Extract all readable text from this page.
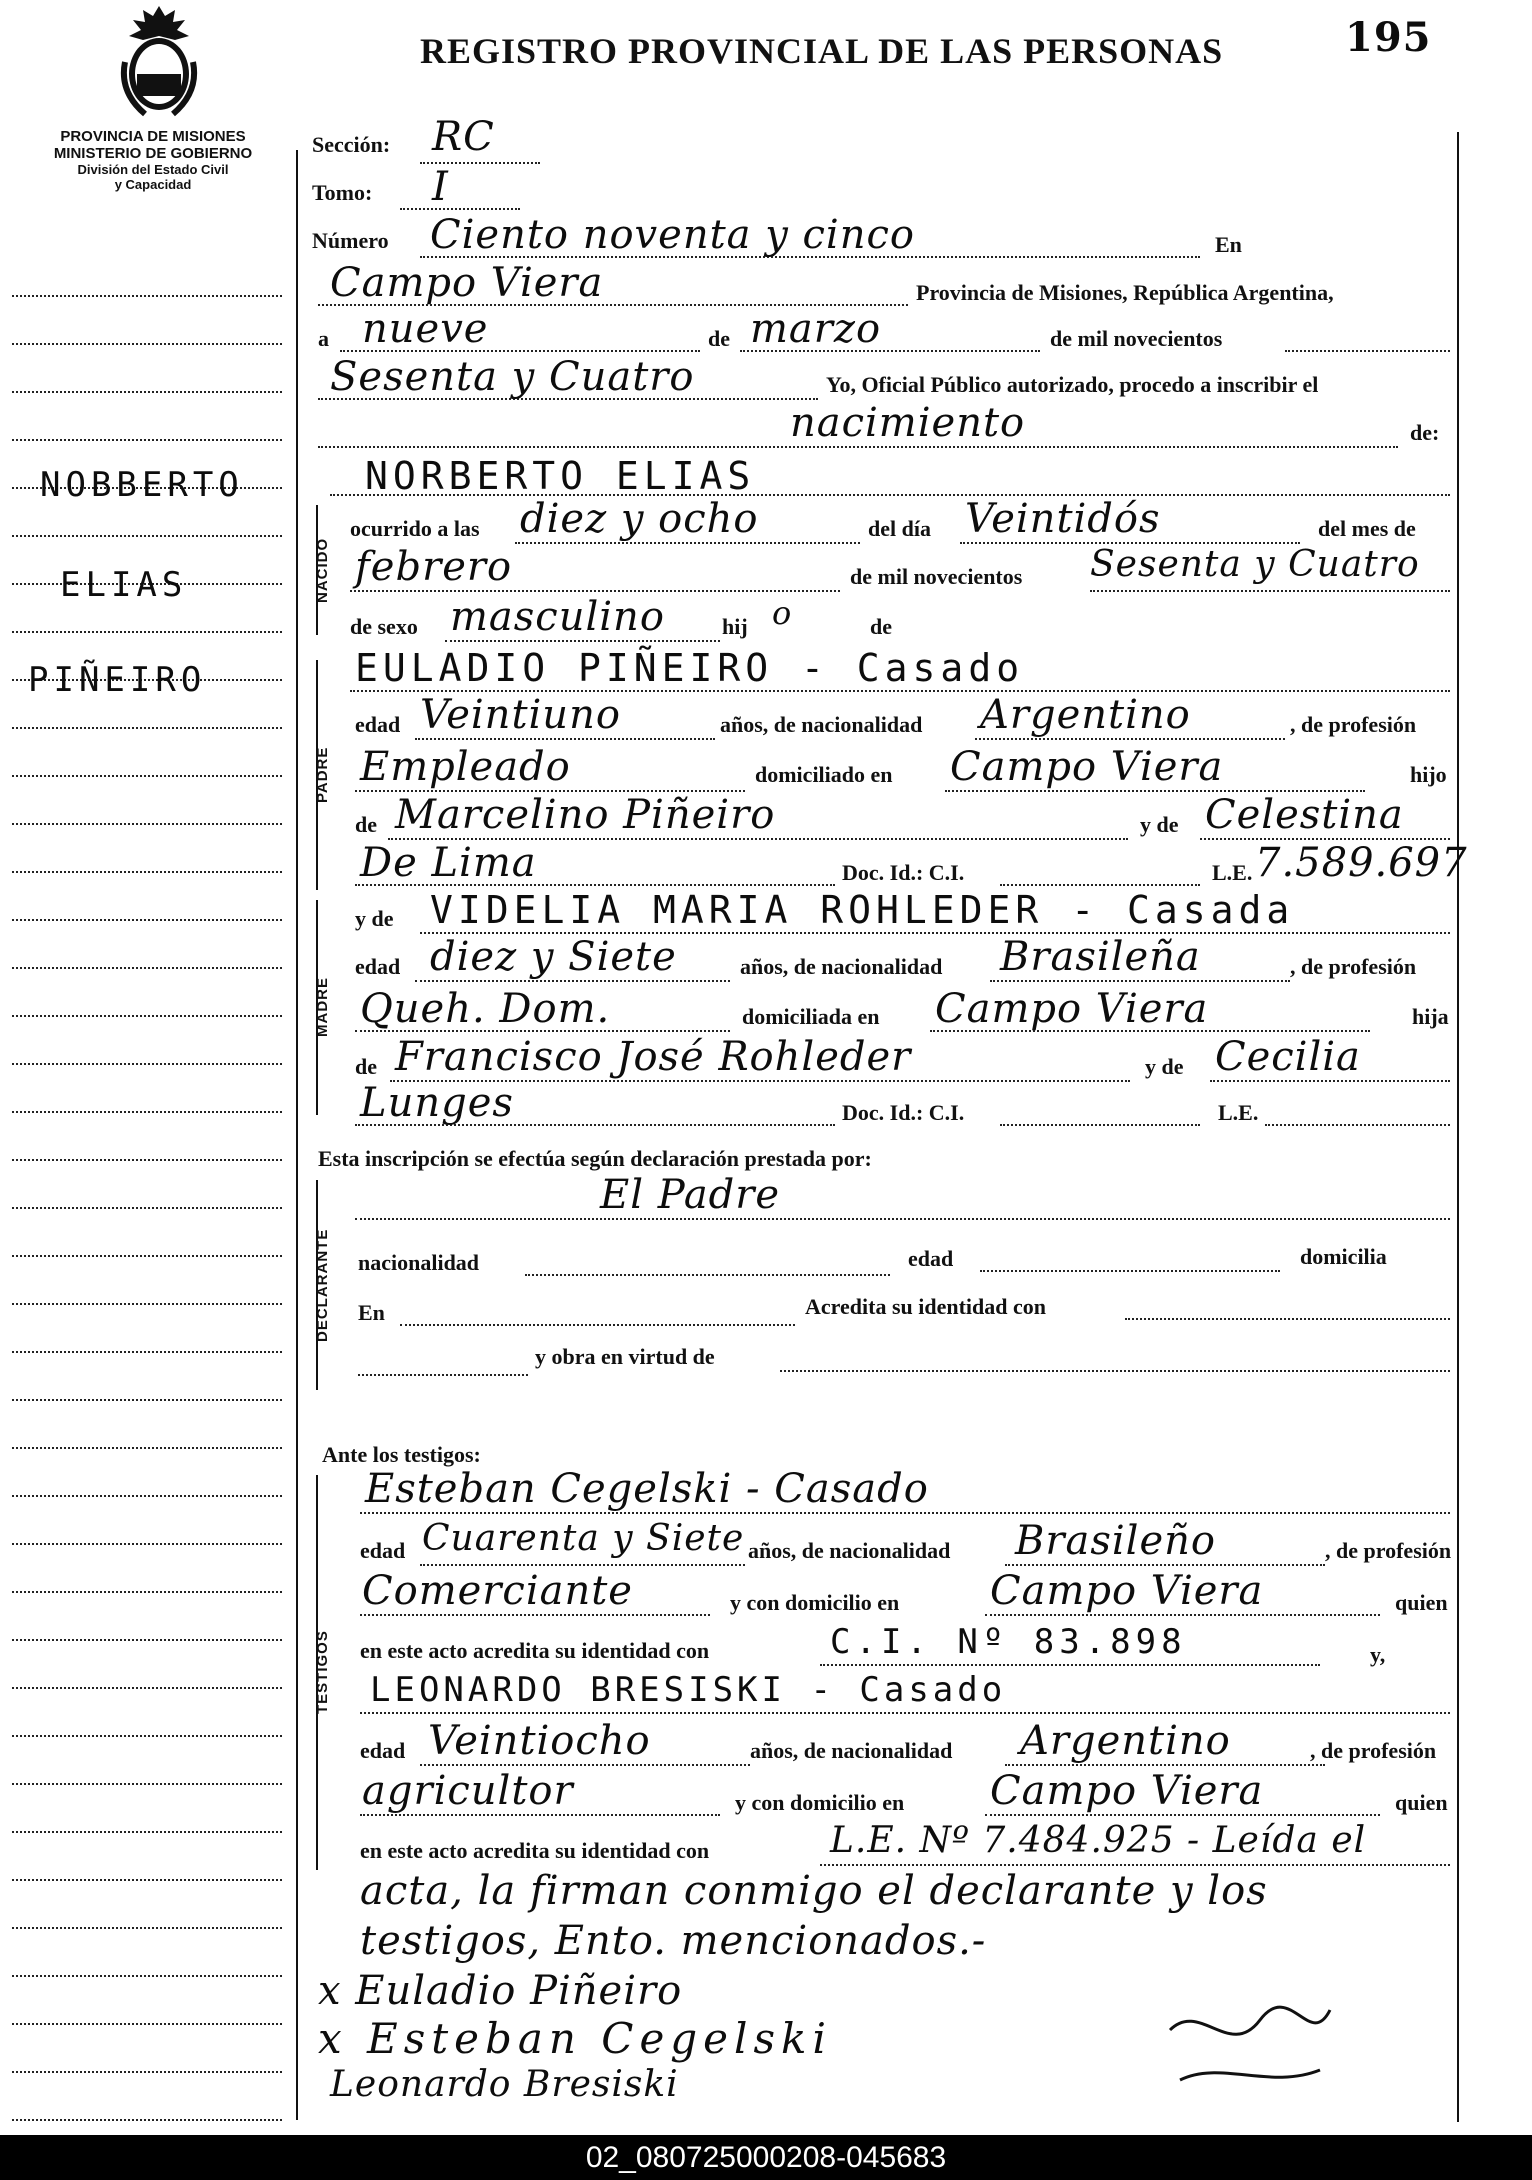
REGISTRO PROVINCIAL DE LAS PERSONAS	195
PROVINCIA DE MISIONES
MINISTERIO DE GOBIERNO
División del Estado Civil
y Capacidad
NOBBERTO
ELIAS
PIÑEIRO
NACIDO
PADRE
MADRE
DECLARANTE
TESTIGOS
Sección: RC
Tomo: I
Número Ciento noventa y cinco	En
Campo Viera	Provincia de Misiones, República Argentina,
a nueve	de marzo	de mil novecientos
Sesenta y Cuatro	Yo, Oficial Público autorizado, procedo a inscribir el
nacimiento	de:
NORBERTO ELIAS
ocurrido a las diez y ocho	del día Veintidós	del mes de
febrero	de mil novecientos Sesenta y Cuatro
de sexo masculino	hij o	de
EULADIO PIÑEIRO - Casado
edad Veintiuno	años, de nacionalidad Argentino	, de profesión
Empleado	domiciliado en Campo Viera	hijo
de Marcelino Piñeiro	y de Celestina
De Lima	Doc. Id.: C.I.	L.E. 7.589.697
y de VIDELIA MARIA ROHLEDER - Casada
edad diez y Siete	años, de nacionalidad Brasileña	, de profesión
Queh. Dom.	domiciliada en Campo Viera	hija
de Francisco José Rohleder	y de Cecilia
Lunges	Doc. Id.: C.I.	L.E.
Esta inscripción se efectúa según declaración prestada por:
El Padre
nacionalidad	edad	domicilia
En	Acredita su identidad con
y obra en virtud de
Ante los testigos:
Esteban Cegelski - Casado
edad Cuarenta y Siete años, de nacionalidad Brasileño	, de profesión
Comerciante	y con domicilio en Campo Viera	quien
en este acto acredita su identidad con	C.I. Nº 83.898	y,
LEONARDO BRESISKI - Casado
edad Veintiocho	años, de nacionalidad Argentino	, de profesión
agricultor	y con domicilio en Campo Viera	quien
en este acto acredita su identidad con	L.E. Nº 7.484.925 - Leída el
acta, la firman conmigo el declarante y los
testigos, Ento. mencionados.-
x Euladio Piñeiro
x Esteban Cegelski
Leonardo Bresiski
02_080725000208-045683
